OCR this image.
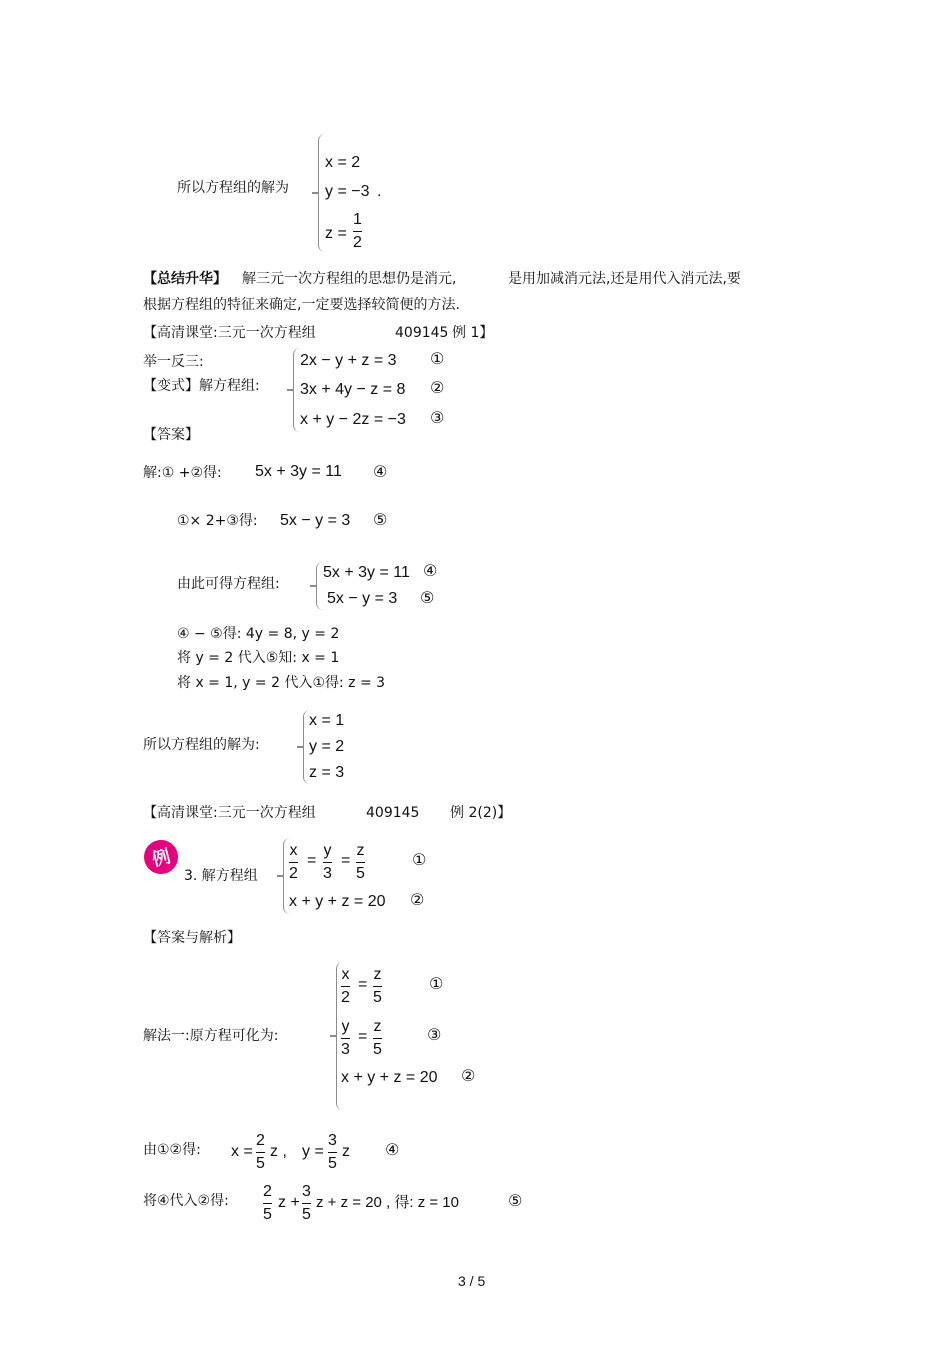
所以方程组的解为
x = 2
y = −3 .
z =
1
2
【总结升华】 解三元一次方程组的思想仍是消元,	是用加减消元法,还是用代入消元法,要
根据方程组的特征来确定,一定要选择较简便的方法.
【高清课堂:三元一次方程组	409145 例 1】
举一反三:
【变式】解方程组:
2x − y + z = 3
3x + 4y − z = 8
x + y − 2z = −3
①
②
③
【答案】
解:① +②得: 5x + 3y = 11 ④
①× 2+③得: 5x − y = 3 ⑤
由此可得方程组:
5x + 3y = 11
5x − y = 3
④
⑤
④ − ⑤得: 4y = 8, y = 2
将 y = 2 代入⑤知: x = 1
将 x = 1, y = 2 代入①得: z = 3
所以方程组的解为:
x = 1
y = 2
z = 3
【高清课堂:三元一次方程组	409145 例 2(2)】
例
3. 解方程组
x
2
=
y
3
=
z
5
①
x + y + z = 20 ②
【答案与解析】
解法一:原方程可化为:
x
2
=
z
5
①
y
3
=
z
5
③
x + y + z = 20 ②
由①②得: x =
2
5
z , y =
3
5
z ④
将④代入②得:
2
5
z +
3
5
z + z = 20 , 得: z = 10	⑤
3 / 5
